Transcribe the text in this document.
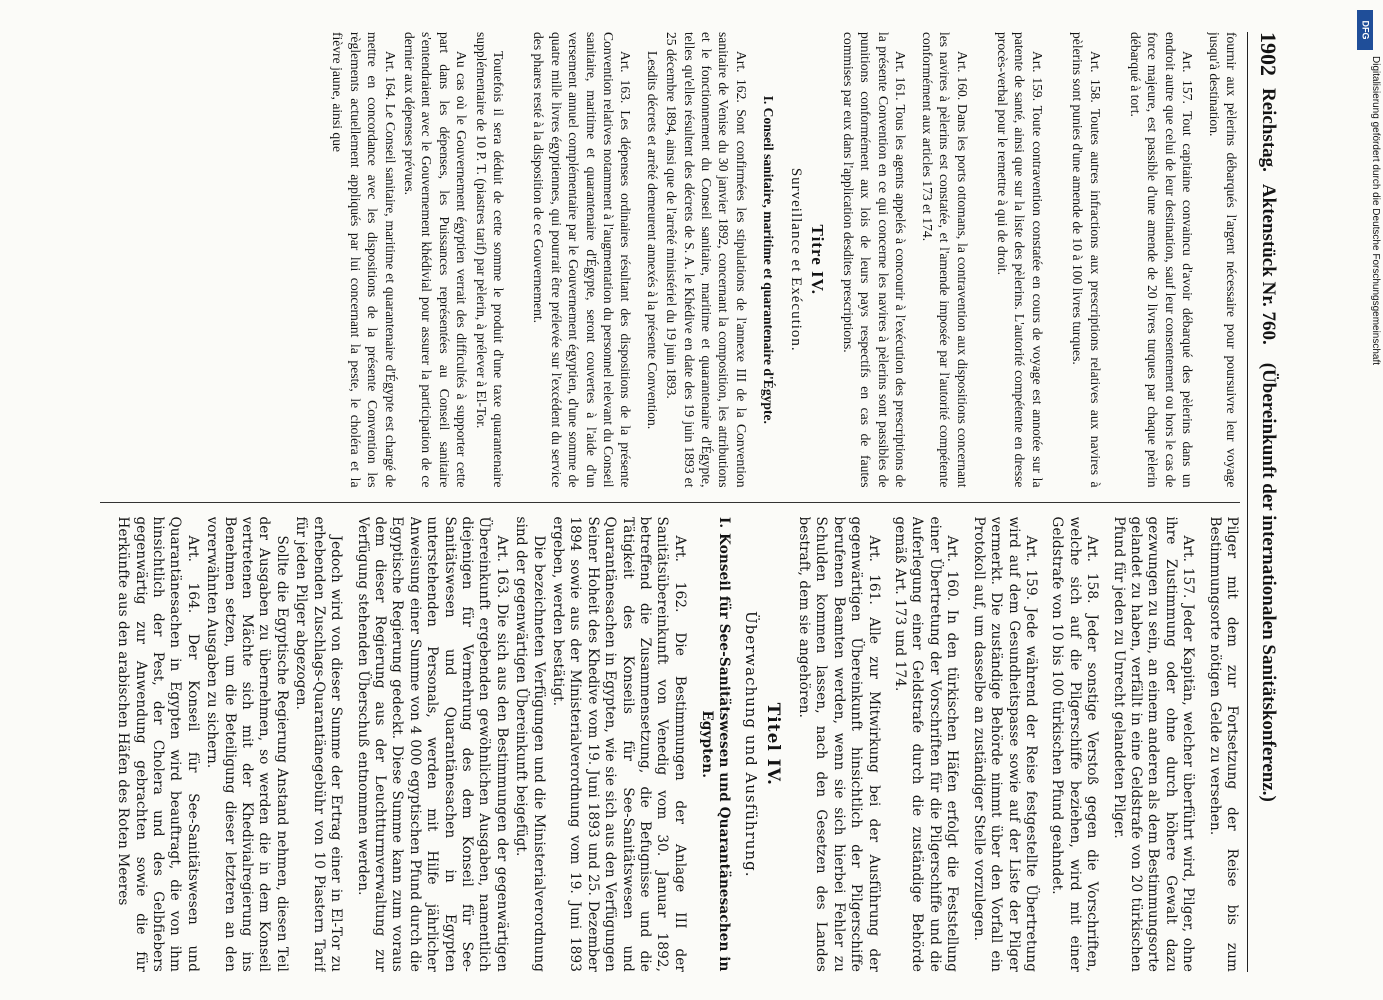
1902
Reichstag.
Aktenstück Nr. 760.
(Übereinkunft der internationalen Sanitätskonferenz.)

fournir aux pèlerins débarqués l'argent nécessaire pour poursuivre leur voyage jusqu'à destination.

Art. 157. Tout capitaine convaincu d'avoir débarqué des pèlerins dans un endroit autre que celui de leur destination, sauf leur consentement ou hors le cas de force majeure, est passible d'une amende de 20 livres turques par chaque pèlerin débarqué à tort.

Art. 158. Toutes autres infractions aux prescriptions relatives aux navires à pèlerins sont punies d'une amende de 10 à 100 livres turques.

Art. 159. Toute contravention constatée en cours de voyage est annotée sur la patente de santé, ainsi que sur la liste des pèlerins. L'autorité compétente en dresse procès-verbal pour le remettre à qui de droit.

Art. 160. Dans les ports ottomans, la contravention aux dispositions concernant les navires à pèlerins est constatée, et l'amende imposée par l'autorité compétente conformément aux articles 173 et 174.

Art. 161. Tous les agents appelés à concourir à l'exécution des prescriptions de la présente Convention en ce qui concerne les navires à pèlerins sont passibles de punitions conformément aux lois de leurs pays respectifs en cas de fautes commises par eux dans l'application desdites prescriptions.

Titre IV.
Surveillance et Exécution.
I. Conseil sanitaire, maritime et quarantenaire d'Égypte.

Art. 162. Sont confirmées les stipulations de l'annexe III de la Convention sanitaire de Venise du 30 janvier 1892, concernant la composition, les attributions et le fonctionnement du Conseil sanitaire, maritime et quarantenaire d'Égypte, telles qu'elles résultent des décrets de S. A. le Khédive en date des 19 juin 1893 et 25 décembre 1894, ainsi que de l'arrêté ministériel du 19 juin 1893.

Lesdits décrets et arrêté demeurent annexés à la présente Convention.

Art. 163. Les dépenses ordinaires résultant des dispositions de la présente Convention relatives notamment à l'augmentation du personnel relevant du Conseil sanitaire, maritime et quarantenaire d'Égypte, seront couvertes à l'aide d'un versement annuel complémentaire par le Gouvernement égyptien, d'une somme de quatre mille livres égyptiennes, qui pourrait être prélevée sur l'excédent du service des phares resté à la disposition de ce Gouvernement.

Toutefois il sera déduit de cette somme le produit d'une taxe quarantenaire supplémentaire de 10 P. T. (piastres tarif) par pèlerin, à prélever à El-Tor.

Au cas où le Gouvernement égyptien verrait des difficultés à supporter cette part dans les dépenses, les Puissances représentées au Conseil sanitaire s'entendraient avec le Gouvernement khédivial pour assurer la participation de ce dernier aux dépenses prévues.

Art. 164. Le Conseil sanitaire, maritime et quarantenaire d'Égypte est chargé de mettre en concordance avec les dispositions de la présente Convention les règlements actuellement appliqués par lui concernant la peste, le choléra et la fièvre jaune, ainsi que

Pilger mit dem zur Fortsetzung der Reise bis zum Bestimmungsorte nötigen Gelde zu versehen.

Art. 157. Jeder Kapitän, welcher überführt wird, Pilger, ohne ihre Zustimmung oder ohne durch höhere Gewalt dazu gezwungen zu sein, an einem anderen als dem Bestimmungsorte gelandet zu haben, verfällt in eine Geldstrafe von 20 türkischen Pfund für jeden zu Unrecht gelandeten Pilger.

Art. 158. Jeder sonstige Verstoß gegen die Vorschriften, welche sich auf die Pilgerschiffe beziehen, wird mit einer Geldstrafe von 10 bis 100 türkischen Pfund geahndet.

Art. 159. Jede während der Reise festgestellte Übertretung wird auf dem Gesundheitspasse sowie auf der Liste der Pilger vermerkt. Die zuständige Behörde nimmt über den Vorfall ein Protokoll auf, um dasselbe an zuständiger Stelle vorzulegen.

Art. 160. In den türkischen Häfen erfolgt die Feststellung einer Übertretung der Vorschriften für die Pilgerschiffe und die Auferlegung einer Geldstrafe durch die zuständige Behörde gemäß Art. 173 und 174.

Art. 161. Alle zur Mitwirkung bei der Ausführung der gegenwärtigen Übereinkunft hinsichtlich der Pilgerschiffe berufenen Beamten werden, wenn sie sich hierbei Fehler zu Schulden kommen lassen, nach den Gesetzen des Landes bestraft, dem sie angehören.

Titel IV.
Überwachung und Ausführung.
I. Konseil für See-Sanitätswesen und Quarantänesachen in Egypten.

Art. 162. Die Bestimmungen der Anlage III der Sanitätsübereinkunft von Venedig vom 30. Januar 1892, betreffend die Zusammensetzung, die Befugnisse und die Tätigkeit des Konseils für See-Sanitätswesen und Quarantänesachen in Egypten, wie sie sich aus den Verfügungen Seiner Hoheit des Khedive vom 19. Juni 1893 und 25. Dezember 1894 sowie aus der Ministerialverordnung vom 19. Juni 1893 ergeben, werden bestätigt.

Die bezeichneten Verfügungen und die Ministerialverordnung sind der gegenwärtigen Übereinkunft beigefügt.

Art. 163. Die sich aus den Bestimmungen der gegenwärtigen Übereinkunft ergebenden gewöhnlichen Ausgaben, namentlich diejenigen für Vermehrung des dem Konseil für See-Sanitätswesen und Quarantänesachen in Egypten unterstehenden Personals, werden mit Hilfe jährlicher Anweisung einer Summe von 4 000 egyptischen Pfund durch die Egyptische Regierung gedeckt. Diese Summe kann zum voraus dem dieser Regierung aus der Leuchtturmverwaltung zur Verfügung stehenden Überschuß entnommen werden.

Jedoch wird von dieser Summe der Ertrag einer in El-Tor zu erhebenden Zuschlags-Quarantänegebühr von 10 Piastern Tarif für jeden Pilger abgezogen.

Sollte die Egyptische Regierung Anstand nehmen, diesen Teil der Ausgaben zu übernehmen, so werden die in dem Konseil vertretenen Mächte sich mit der Khedivialregierung ins Benehmen setzen, um die Beteiligung dieser letzteren an den vorerwähnten Ausgaben zu sichern.

Art. 164. Der Konseil für See-Sanitätswesen und Quarantänesachen in Egypten wird beauftragt, die von ihm hinsichtlich der Pest, der Cholera und des Gelbfiebers gegenwärtig zur Anwendung gebrachten sowie die für Herkünfte aus den arabischen Häfen des Roten Meeres

DFG
Digitalisierung gefördert durch die Deutsche Forschungsgemeinschaft
